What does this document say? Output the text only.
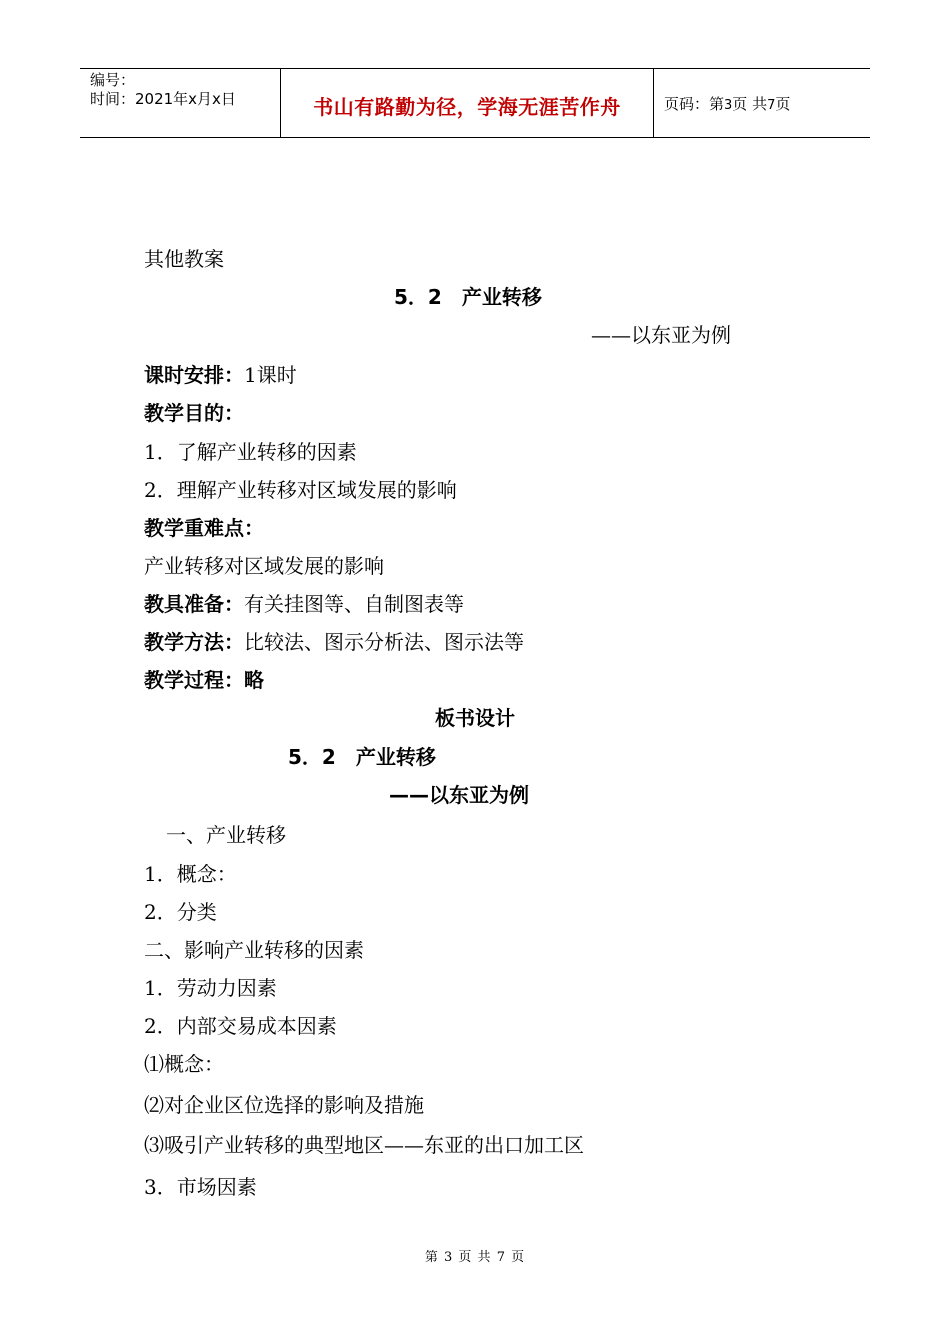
编号：
时间：2021年x月x日	书山有路勤为径，学海无涯苦作舟	页码：第3页 共7页
其他教案
5．2　产业转移
——以东亚为例
课时安排：1课时
教学目的：
1．了解产业转移的因素
2．理解产业转移对区域发展的影响
教学重难点：
产业转移对区域发展的影响
教具准备：有关挂图等、自制图表等
教学方法：比较法、图示分析法、图示法等
教学过程：略
板书设计
5．2　产业转移
——以东亚为例
一、产业转移
1．概念：
2．分类
二、影响产业转移的因素
1．劳动力因素
2．内部交易成本因素
⑴概念：
⑵对企业区位选择的影响及措施
⑶吸引产业转移的典型地区——东亚的出口加工区
3．市场因素
第 3 页 共 7 页
